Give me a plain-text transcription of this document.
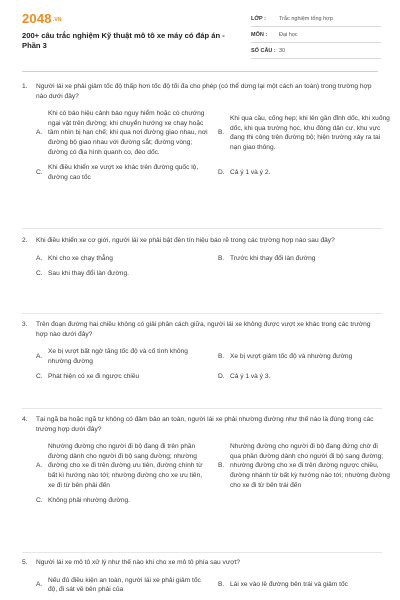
2048.VN
200+ câu trắc nghiệm Kỹ thuật mô tô xe máy có đáp án - Phần 3
LỚP :	Trắc nghiệm tổng hợp
MÔN :	Đại học
SỐ CÂU : 30
1.	Người lái xe phải giảm tốc độ thấp hơn tốc độ tối đa cho phép (có thể dừng lại một cách an toàn) trong trường hợp nào dưới đây?
A.
Khi có báo hiệu cảnh báo nguy hiểm hoặc có chướng ngại vật trên đường; khi chuyển hướng xe chạy hoặc tầm nhìn bị hạn chế; khi qua nơi đường giao nhau, nơi đường bộ giao nhau với đường sắt; đường vòng; đường có địa hình quanh co, đèo dốc.
B.
Khi qua cầu, cống hẹp; khi lên gần đỉnh dốc, khi xuống dốc, khi qua trường học, khu đông dân cư, khu vực đang thi công trên đường bộ; hiện trường xảy ra tai nạn giao thông.
C.
Khi điều khiển xe vượt xe khác trên đường quốc lộ, đường cao tốc
D. Cả ý 1 và ý 2.
2.	Khi điều khiển xe cơ giới, người lái xe phải bật đèn tín hiệu báo rẽ trong các trường hợp nào sau đây?
A. Khi cho xe chạy thẳng	B. Trước khi thay đổi làn đường
C. Sau khi thay đổi làn đường.
3.	Trên đoạn đường hai chiều không có giải phân cách giữa, người lái xe không được vượt xe khác trong các trường hợp nào dưới đây?
A.
Xe bị vượt bất ngờ tăng tốc độ và cố tình không nhường đường
B. Xe bị vượt giảm tốc độ và nhường đường
C. Phát hiện có xe đi ngược chiều	D. Cả ý 1 và ý 3.
4.	Tại ngã ba hoặc ngã tư không có đảm bảo an toàn, người lái xe phải nhường đường như thế nào là đúng trong các trường hợp dưới đây?
A.
Nhường đường cho người đi bộ đang đi trên phần đường dành cho người đi bộ sang đường; nhường đường cho xe đi trên đường ưu tiên, đường chính từ bất kì hướng nào tới; nhường đường cho xe ưu tiên, xe đi từ bên phải đến
B.
Nhường đường cho người đi bộ đang đứng chờ đi qua phần đường dành cho người đi bộ sang đường; nhường đường cho xe đi trên đường ngược chiều, đường nhánh từ bất kỳ hướng nào tới; nhường đường cho xe đi từ bên trái đến
C. Không phải nhường đường.
5.	Người lái xe mô tô xử lý như thế nào khi cho xe mô tô phía sau vượt?
A.
Nếu đủ điều kiện an toàn, người lái xe phải giảm tốc độ, đi sát về bên phải của
B. Lái xe vào lề đường bên trái và giảm tốc
